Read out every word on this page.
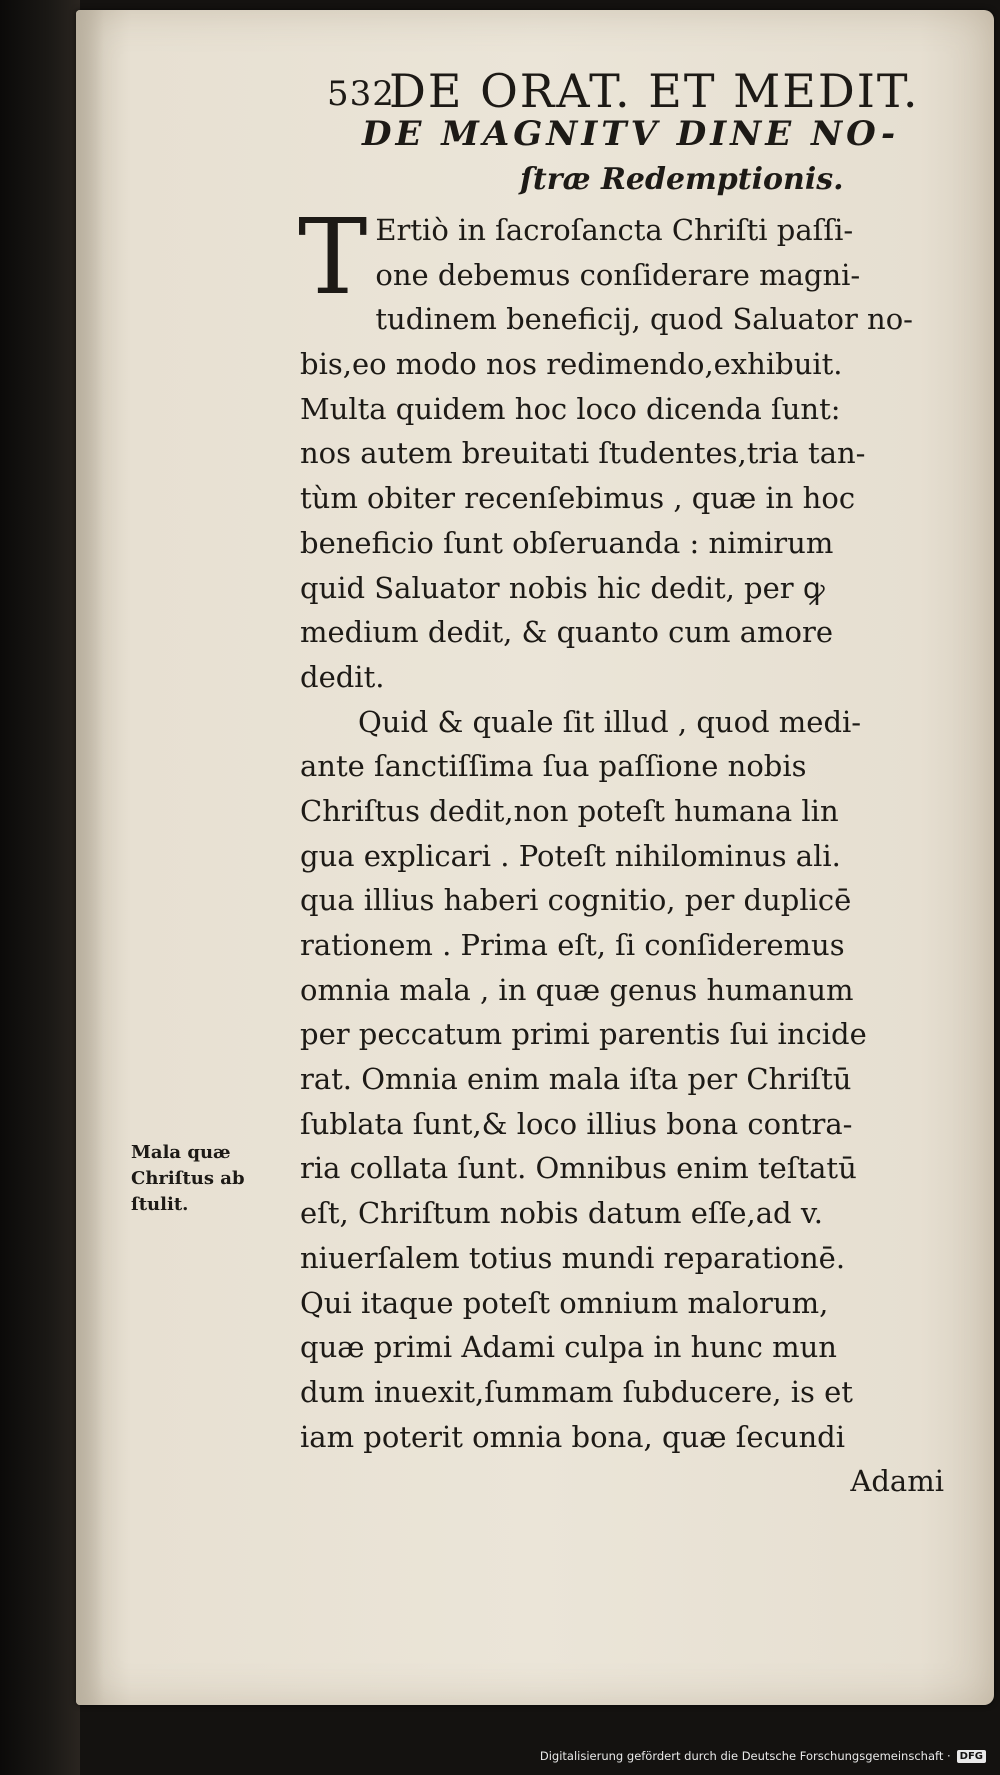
532
DE ORAT. ET MEDIT.
DE MAGNITV DINE NO-
ſtræ Redemptionis.
T Ertiò in ſacroſancta Chriſti paſſi-
one debemus conſiderare magni-
tudinem beneficij, quod Saluator no-
bis,eo modo nos redimendo,exhibuit.
Multa quidem hoc loco dicenda ſunt:
nos autem breuitati ſtudentes,tria tan-
tùm obiter recenſebimus , quæ in hoc
beneficio ſunt obſeruanda : nimirum
quid Saluator nobis hic dedit, per ꝙ
medium dedit, & quanto cum amore
dedit.
Quid & quale ſit illud , quod medi-
ante ſanctiſſima ſua paſſione nobis
Chriſtus dedit,non poteſt humana lin
gua explicari . Poteſt nihilominus ali.
qua illius haberi cognitio, per duplicē
rationem . Prima eſt, ſi conſideremus
omnia mala , in quæ genus humanum
per peccatum primi parentis ſui incide
rat. Omnia enim mala iſta per Chriſtū
ſublata ſunt,& loco illius bona contra-
ria collata ſunt. Omnibus enim teſtatū
eſt, Chriſtum nobis datum eſſe,ad v.
niuerſalem totius mundi reparationē.
Qui itaque poteſt omnium malorum,
quæ primi Adami culpa in hunc mun
dum inuexit,ſummam ſubducere, is et
iam poterit omnia bona, quæ ſecundi
Adami
Mala quæ
Chriſtus ab
ſtulit.
Digitalisierung gefördert durch die Deutsche Forschungsgemeinschaft · DFG
